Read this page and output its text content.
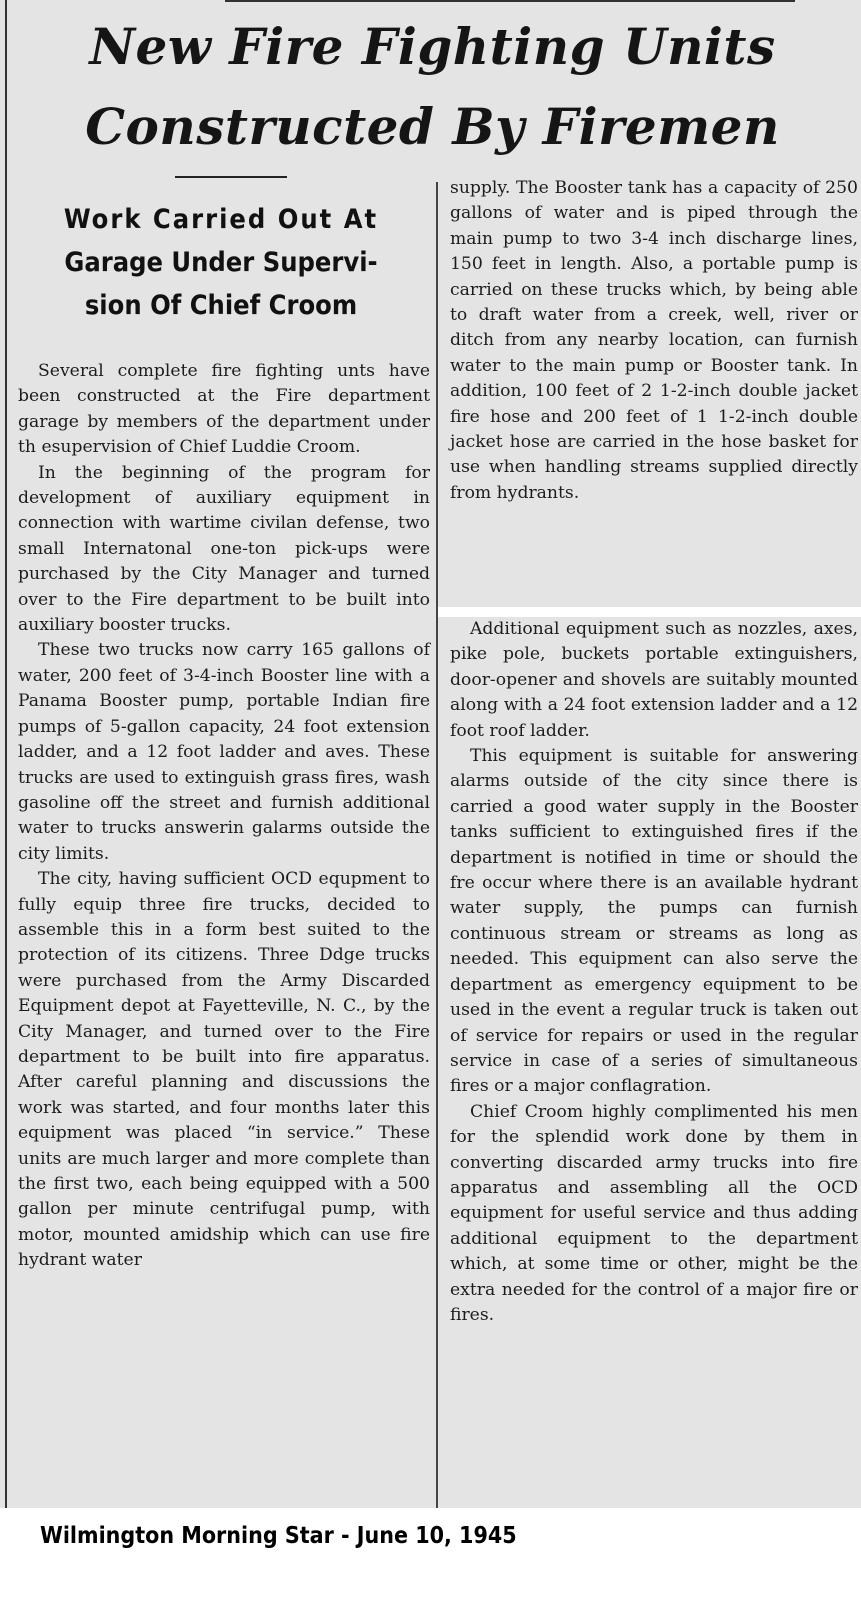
New Fire Fighting Units
Constructed By Firemen
Work Carried Out At
Garage Under Supervi-
sion Of Chief Croom

Several complete fire fighting unts have been constructed at the Fire department garage by members of the department under th esupervision of Chief Luddie Croom.

In the beginning of the program for development of auxiliary equipment in connection with wartime civilan defense, two small Internatonal one-ton pick-ups were purchased by the City Manager and turned over to the Fire department to be built into auxiliary booster trucks.

These two trucks now carry 165 gallons of water, 200 feet of 3-4-inch Booster line with a Panama Booster pump, portable Indian fire pumps of 5-gallon capacity, 24 foot extension ladder, and a 12 foot ladder and aves. These trucks are used to extinguish grass fires, wash gasoline off the street and furnish additional water to trucks answerin galarms outside the city limits.

The city, having sufficient OCD equpment to fully equip three fire trucks, decided to assemble this in a form best suited to the protection of its citizens. Three Ddge trucks were purchased from the Army Discarded Equipment depot at Fayetteville, N. C., by the City Manager, and turned over to the Fire department to be built into fire apparatus. After careful planning and discussions the work was started, and four months later this equipment was placed “in service.” These units are much larger and more complete than the first two, each being equipped with a 500 gallon per minute centrifugal pump, with motor, mounted amidship which can use fire hydrant water

supply. The Booster tank has a capacity of 250 gallons of water and is piped through the main pump to two 3-4 inch discharge lines, 150 feet in length. Also, a portable pump is carried on these trucks which, by being able to draft water from a creek, well, river or ditch from any nearby location, can furnish water to the main pump or Booster tank. In addition, 100 feet of 2 1-2-inch double jacket fire hose and 200 feet of 1 1-2-inch double jacket hose are carried in the hose basket for use when handling streams supplied directly from hydrants.

Additional equipment such as nozzles, axes, pike pole, buckets portable extinguishers, door-opener and shovels are suitably mounted along with a 24 foot extension ladder and a 12 foot roof ladder.

This equipment is suitable for answering alarms outside of the city since there is carried a good water supply in the Booster tanks sufficient to extinguished fires if the department is notified in time or should the fre occur where there is an available hydrant water supply, the pumps can furnish continuous stream or streams as long as needed. This equipment can also serve the department as emergency equipment to be used in the event a regular truck is taken out of service for repairs or used in the regular service in case of a series of simultaneous fires or a major conflagration.

Chief Croom highly complimented his men for the splendid work done by them in converting discarded army trucks into fire apparatus and assembling all the OCD equipment for useful service and thus adding additional equipment to the department which, at some time or other, might be the extra needed for the control of a major fire or fires.

Wilmington Morning Star - June 10, 1945
